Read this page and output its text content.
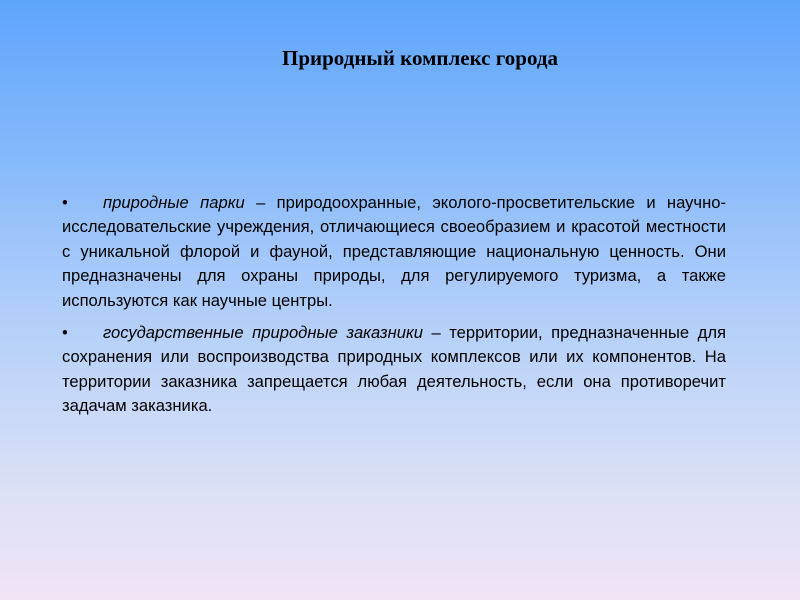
Природный комплекс города

• природные парки – природоохранные, эколого-просветительские и научно-исследовательские учреждения, отличающиеся своеобразием и красотой местности с уникальной флорой и фауной, представляющие национальную ценность. Они предназначены для охраны природы, для регулируемого туризма, а также используются как научные центры.

• государственные природные заказники – территории, предназначенные для сохранения или воспроизводства природных комплексов или их компонентов. На территории заказника запрещается любая деятельность, если она противоречит задачам заказника.
